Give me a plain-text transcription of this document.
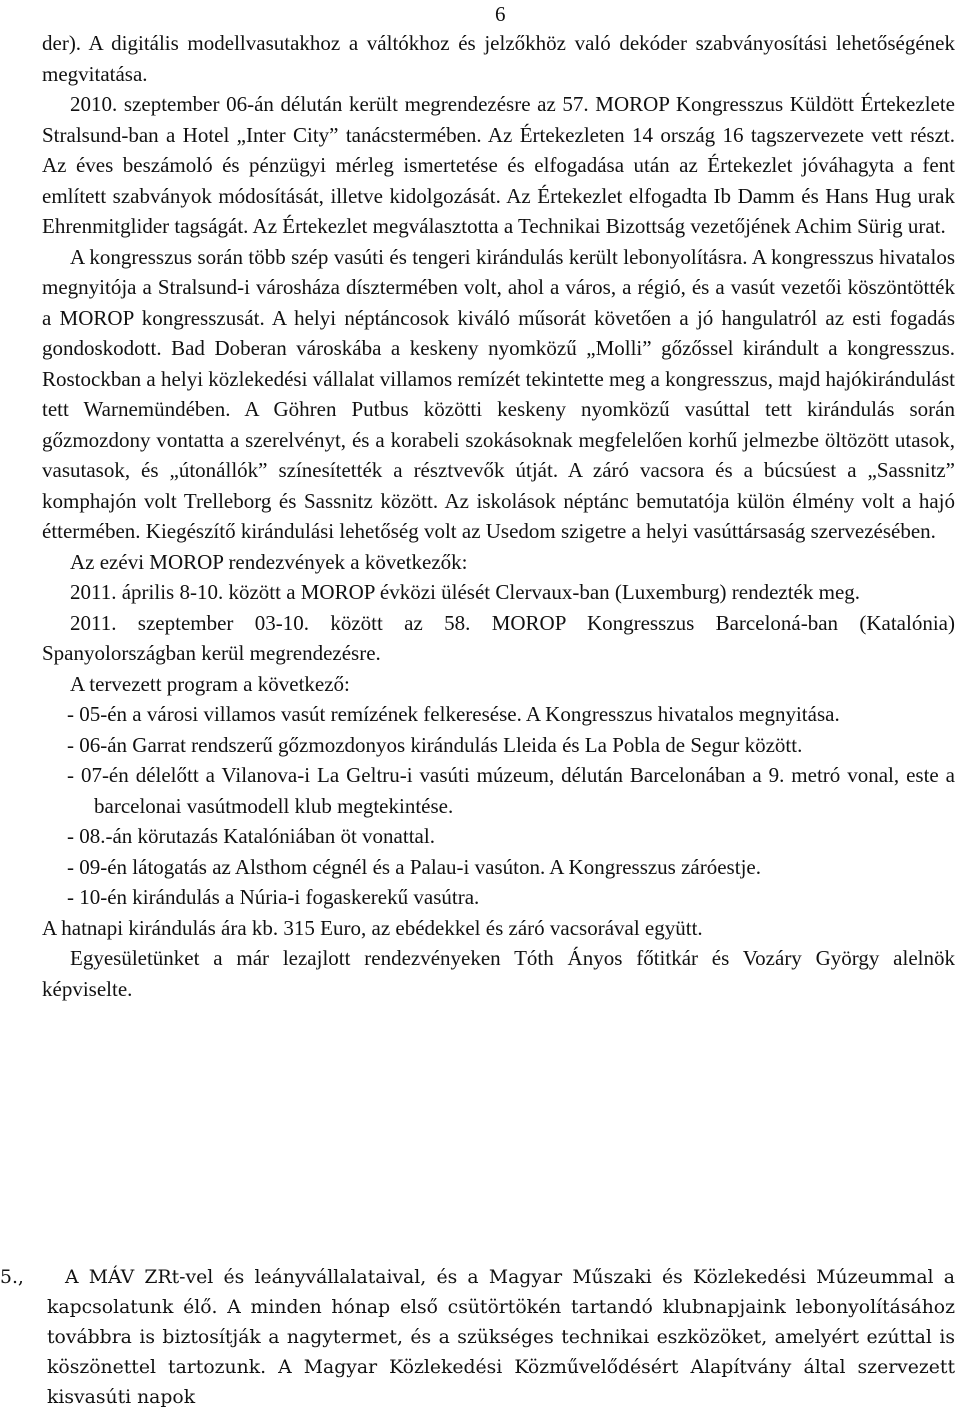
6

der). A digitális modellvasutakhoz a váltókhoz és jelzőkhöz való dekóder szabványosítási lehetőségének megvitatása.

2010. szeptember 06-án délután került megrendezésre az 57. MOROP Kongresszus Küldött Értekezlete Stralsund-ban a Hotel „Inter City” tanácstermében. Az Értekezleten 14 ország 16 tagszervezete vett részt. Az éves beszámoló és pénzügyi mérleg ismertetése és elfogadása után az Értekezlet jóváhagyta a fent említett szabványok módosítását, illetve kidolgozását. Az Értekezlet elfogadta Ib Damm és Hans Hug urak Ehrenmitglider tagságát. Az Értekezlet megválasztotta a Technikai Bizottság vezetőjének Achim Sürig urat.

A kongresszus során több szép vasúti és tengeri kirándulás került lebonyolításra. A kongresszus hivatalos megnyitója a Stralsund-i városháza dísztermében volt, ahol a város, a régió, és a vasút vezetői köszöntötték a MOROP kongresszusát. A helyi néptáncosok kiváló műsorát követően a jó hangulatról az esti fogadás gondoskodott. Bad Doberan városkába a keskeny nyomközű „Molli” gőzőssel kirándult a kongresszus. Rostockban a helyi közlekedési vállalat villamos remízét tekintette meg a kongresszus, majd hajókirándulást tett Warnemündében. A Göhren Putbus közötti keskeny nyomközű vasúttal tett kirándulás során gőzmozdony vontatta a szerelvényt, és a korabeli szokásoknak megfelelően korhű jelmezbe öltözött utasok, vasutasok, és „útonállók” színesítették a résztvevők útját. A záró vacsora és a búcsúest a „Sassnitz” komphajón volt Trelleborg és Sassnitz között. Az iskolások néptánc bemutatója külön élmény volt a hajó éttermében. Kiegészítő kirándulási lehetőség volt az Usedom szigetre a helyi vasúttársaság szervezésében.

Az ezévi MOROP rendezvények a következők:

2011. április 8-10. között a MOROP évközi ülését Clervaux-ban (Luxemburg) rendezték meg.

2011. szeptember 03-10. között az 58. MOROP Kongresszus Barceloná-ban (Katalónia) Spanyolországban kerül megrendezésre.

A tervezett program a következő:

- 05-én a városi villamos vasút remízének felkeresése. A Kongresszus hivatalos megnyitása.

- 06-án Garrat rendszerű gőzmozdonyos kirándulás Lleida és La Pobla de Segur között.

- 07-én délelőtt a Vilanova-i La Geltru-i vasúti múzeum, délután Barcelonában a 9. metró vonal, este a barcelonai vasútmodell klub megtekintése.

- 08.-án körutazás Katalóniában öt vonattal.

- 09-én látogatás az Alsthom cégnél és a Palau-i vasúton. A Kongresszus záróestje.

- 10-én kirándulás a Núria-i fogaskerekű vasútra.

A hatnapi kirándulás ára kb. 315 Euro, az ebédekkel és záró vacsorával együtt.

Egyesületünket a már lezajlott rendezvényeken Tóth Ányos főtitkár és Vozáry György alelnök képviselte.

5., A MÁV ZRt-vel és leányvállalataival, és a Magyar Műszaki és Közlekedési Múzeummal a kapcsolatunk élő. A minden hónap első csütörtökén tartandó klubnapjaink lebonyolításához továbbra is biztosítják a nagytermet, és a szükséges technikai eszközöket, amelyért ezúttal is köszönettel tartozunk. A Magyar Közlekedési Közművelődésért Alapítvány által szervezett kisvasúti napok
